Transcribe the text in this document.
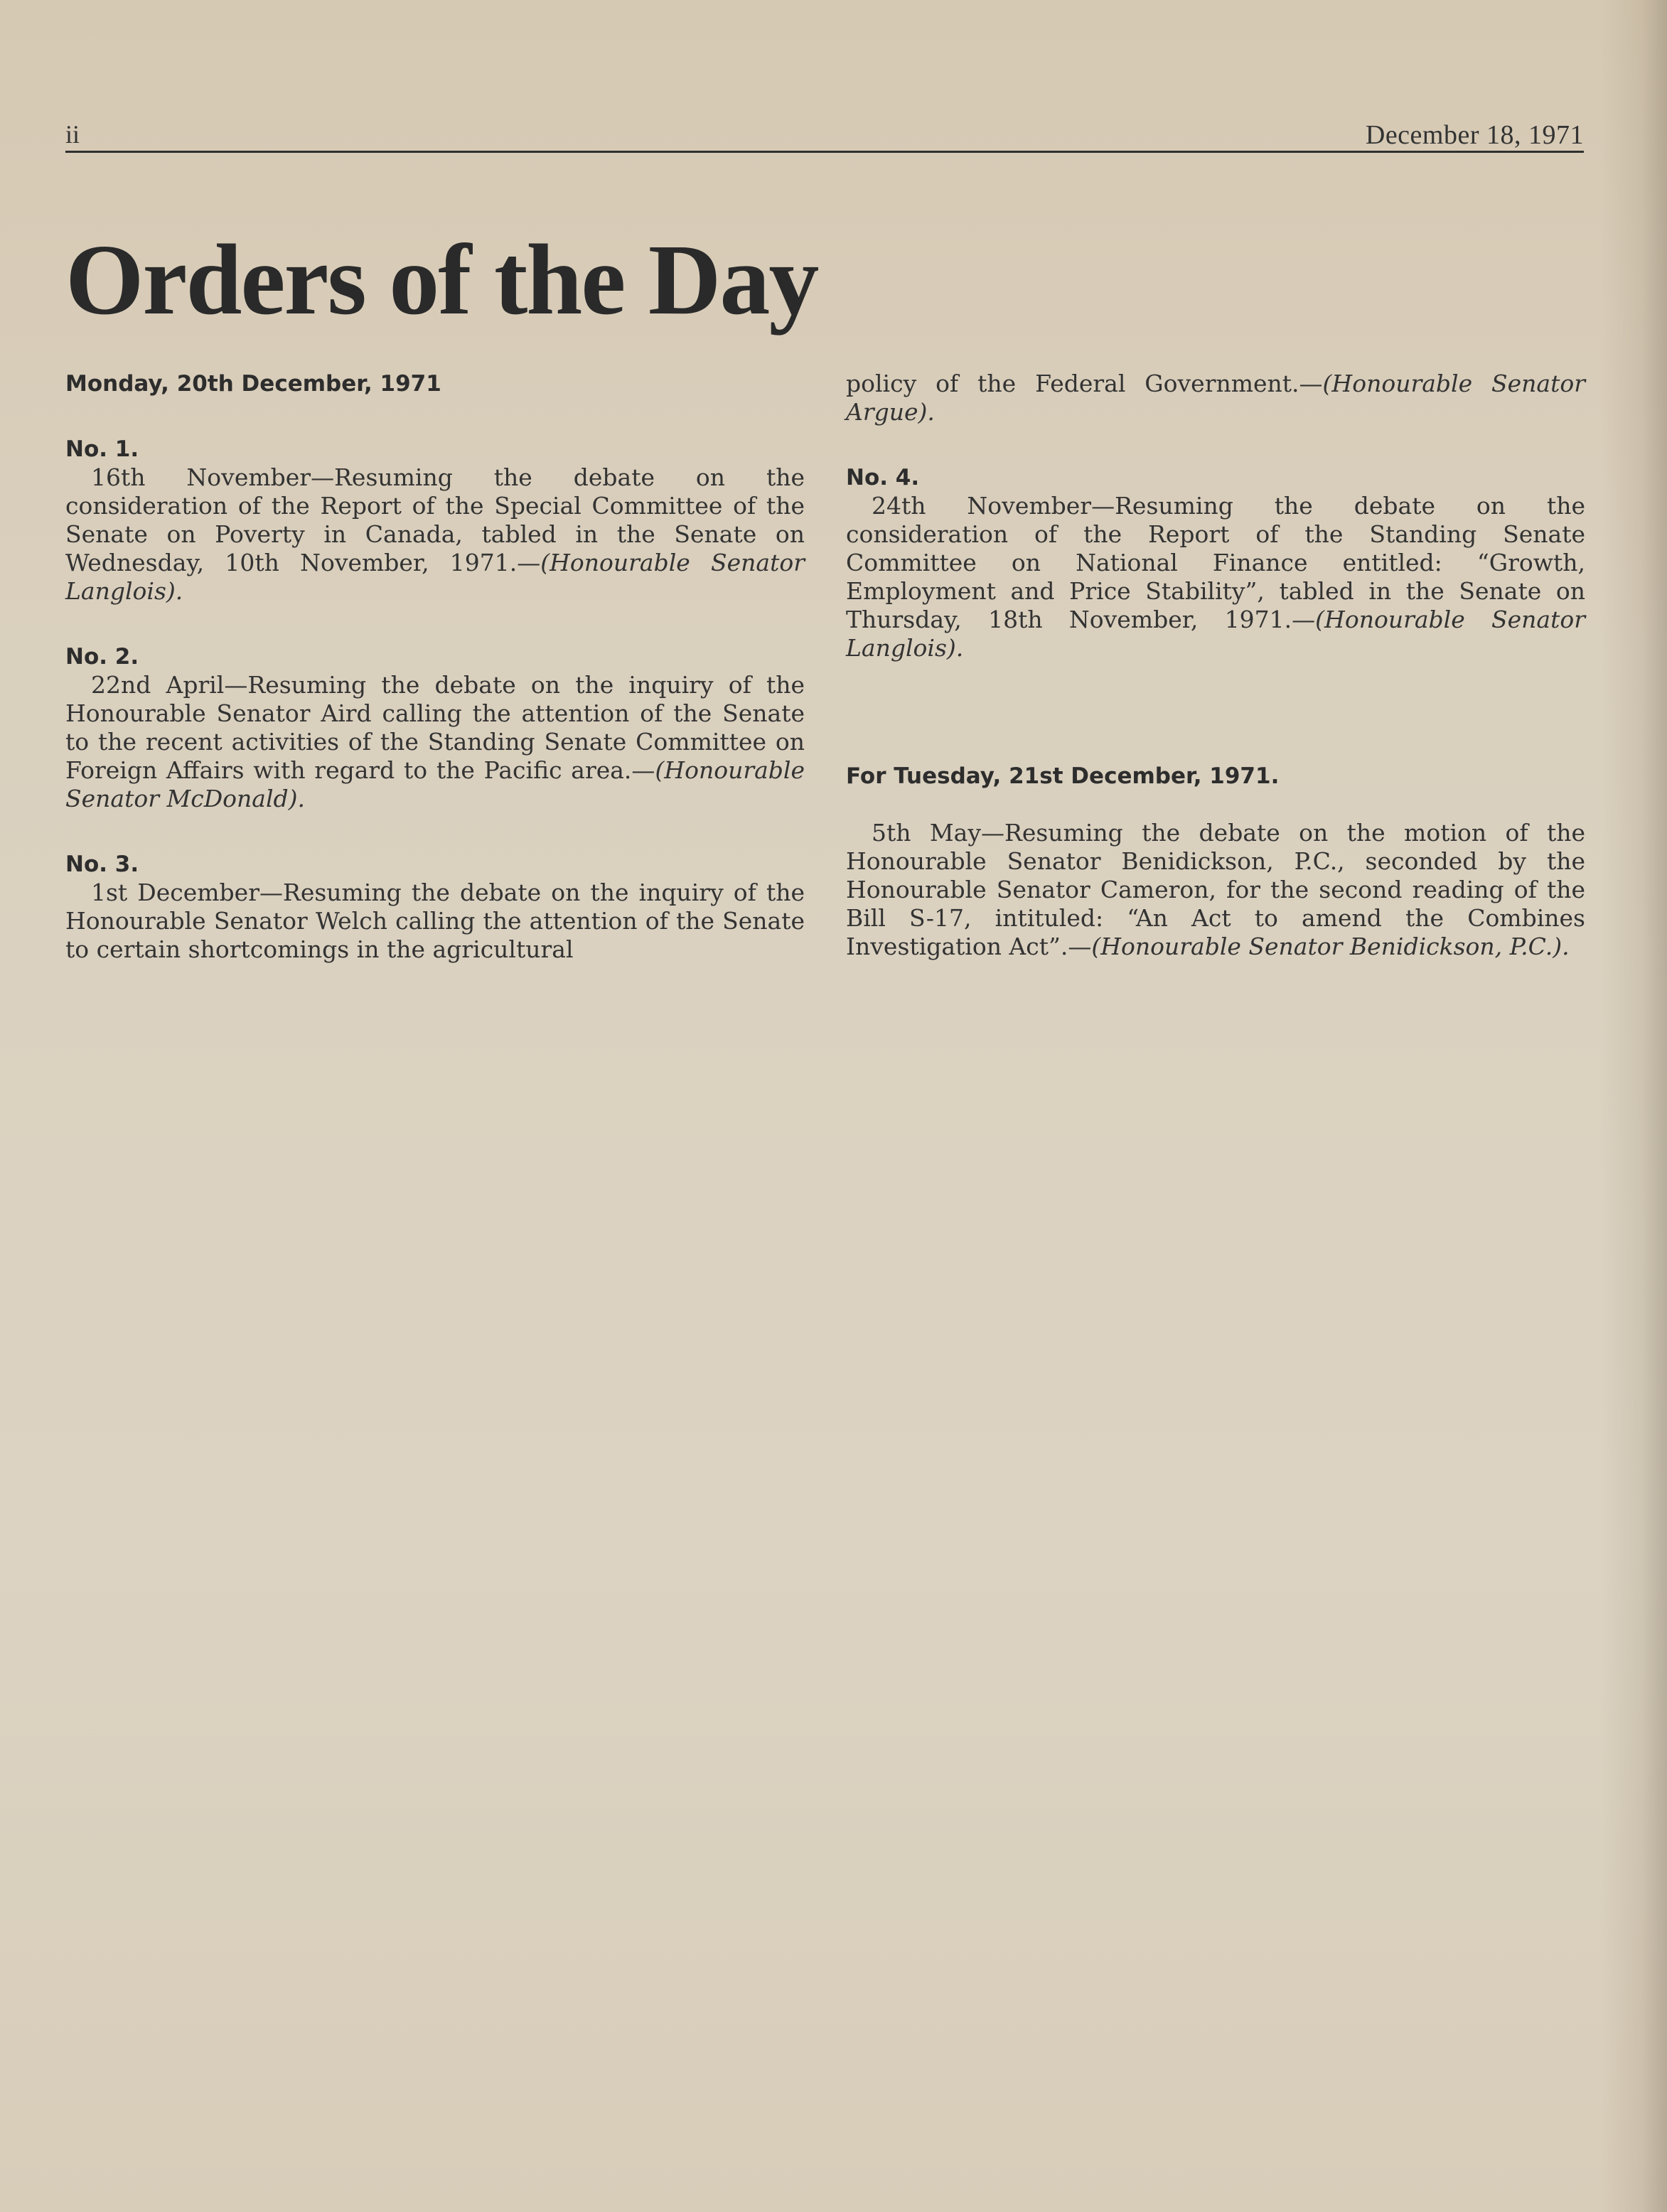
ii	December 18, 1971
Orders of the Day

Monday, 20th December, 1971

No. 1.

16th November—Resuming the debate on the consideration of the Report of the Special Committee of the Senate on Poverty in Canada, tabled in the Senate on Wednesday, 10th November, 1971.—(Honourable Senator Langlois).

No. 2.

22nd April—Resuming the debate on the inquiry of the Honourable Senator Aird calling the attention of the Senate to the recent activities of the Standing Senate Committee on Foreign Affairs with regard to the Pacific area.—(Honourable Senator McDonald).

No. 3.

1st December—Resuming the debate on the inquiry of the Honourable Senator Welch calling the attention of the Senate to certain shortcomings in the agricultural

policy of the Federal Government.—(Honourable Senator Argue).

No. 4.

24th November—Resuming the debate on the consideration of the Report of the Standing Senate Committee on National Finance entitled: “Growth, Employment and Price Stability”, tabled in the Senate on Thursday, 18th November, 1971.—(Honourable Senator Langlois).

For Tuesday, 21st December, 1971.

5th May—Resuming the debate on the motion of the Honourable Senator Benidickson, P.C., seconded by the Honourable Senator Cameron, for the second reading of the Bill S-17, intituled: “An Act to amend the Combines Investigation Act”.—(Honourable Senator Benidickson, P.C.).
